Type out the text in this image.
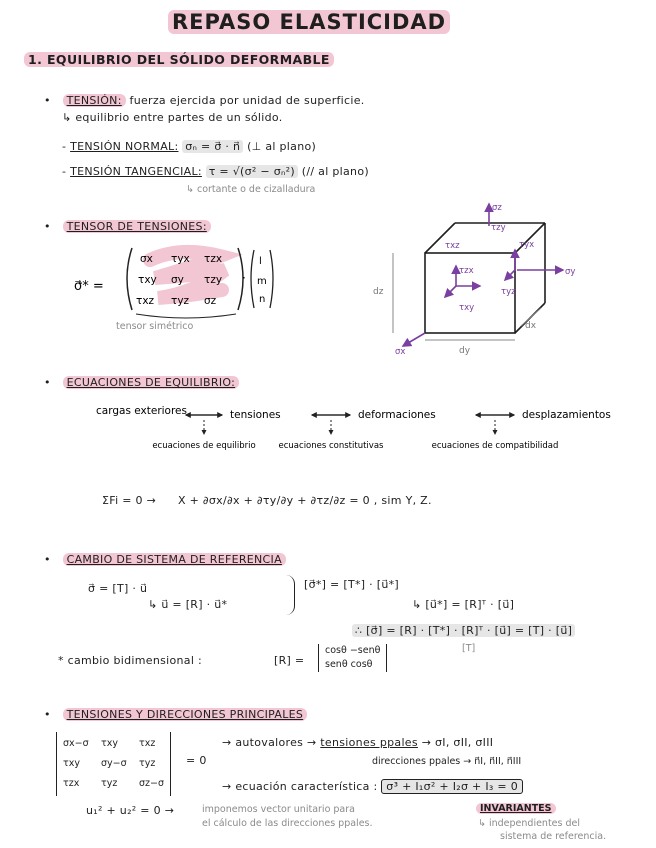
REPASO ELASTICIDAD
1. EQUILIBRIO DEL SÓLIDO DEFORMABLE
• TENSIÓN: fuerza ejercida por unidad de superficie.
↳ equilibrio entre partes de un sólido.
- TENSIÓN NORMAL: σₙ = σ⃗ · n⃗ (⊥ al plano)
- TENSIÓN TANGENCIAL: τ = √(σ² − σₙ²) (// al plano)
↳ cortante o de cizalladura
• TENSOR DE TENSIONES:
σ⃗* =
σx τyx τzx
τxy σy τzy
τxz τyz σz
·
l
m
n
tensor simétrico
σz
τzy
τxz
τzx
τyx
σy
τyz
τxy
σx
dz
dy
dx
• ECUACIONES DE EQUILIBRIO:
cargas exteriores	tensiones	deformaciones	desplazamientos
ecuaciones de equilibrio	ecuaciones constitutivas	ecuaciones de compatibilidad
ΣFi = 0 → X + ∂σx/∂x + ∂τy/∂y + ∂τz/∂z = 0 , sim Y, Z.
• CAMBIO DE SISTEMA DE REFERENCIA
σ⃗ = [T] · u⃗
↳ u⃗ = [R] · u⃗*
[σ⃗*] = [T*] · [u⃗*]
↳ [u⃗*] = [R]ᵀ · [u⃗]
∴ [σ⃗] = [R] · [T*] · [R]ᵀ · [u⃗] = [T] · [u⃗]
[T]
* cambio bidimensional :	[R] =
cosθ −senθ
senθ cosθ
• TENSIONES Y DIRECCIONES PRINCIPALES
σx−σ τxy τxz
τxy σy−σ τyz
τzx τyz σz−σ
= 0
→ autovalores → tensiones ppales → σI, σII, σIII
direcciones ppales → n⃗I, n⃗II, n⃗III
→ ecuación característica : σ³ + I₁σ² + I₂σ + I₃ = 0
INVARIANTES
↳ independientes del
sistema de referencia.
u₁² + u₂² = 0 →	imponemos vector unitario para
el cálculo de las direcciones ppales.
